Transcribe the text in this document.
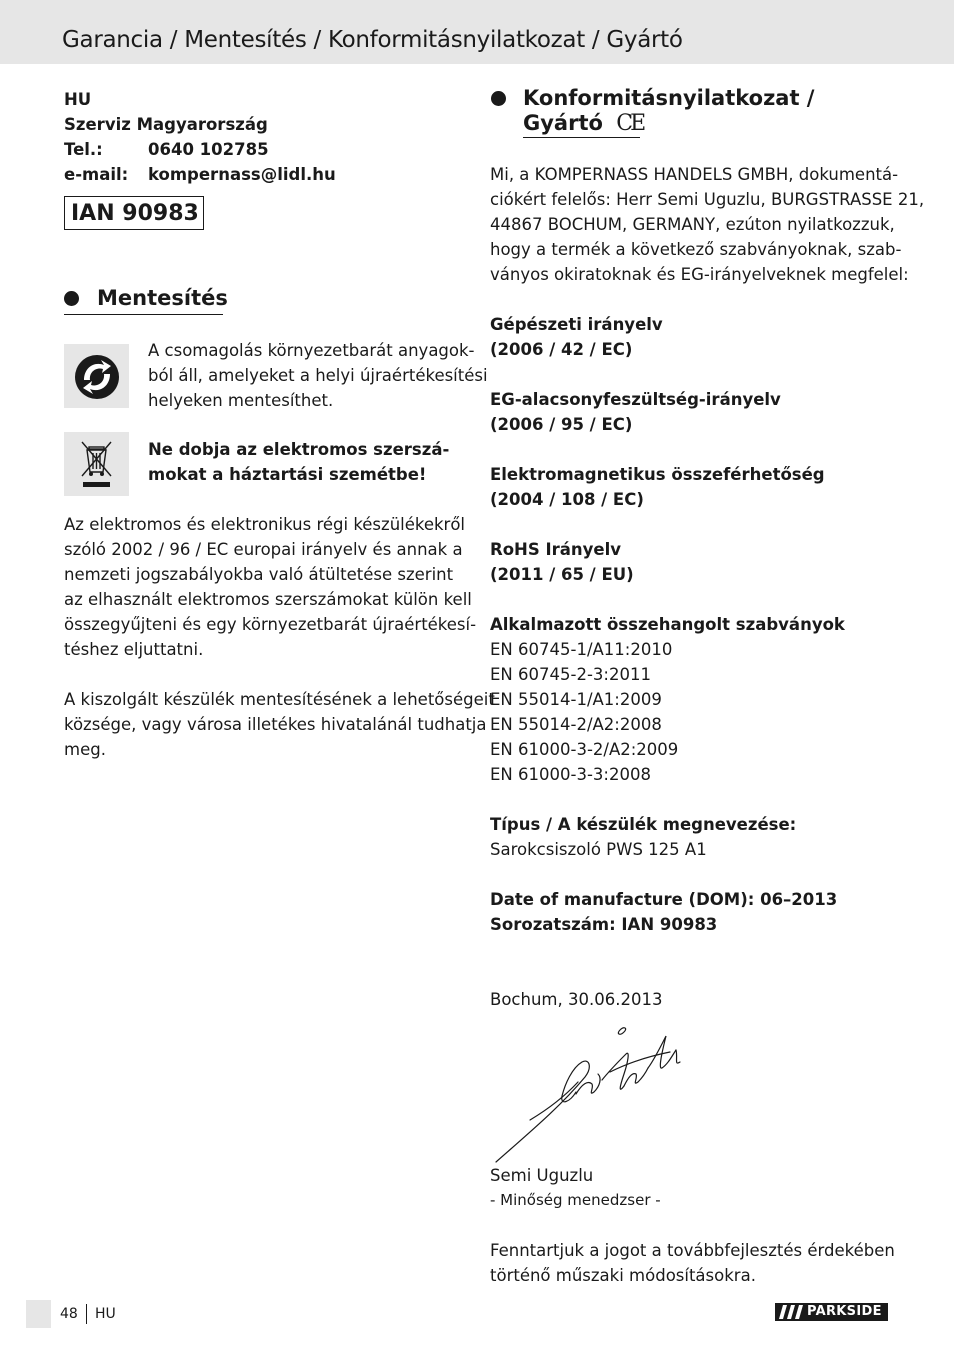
Garancia / Mentesítés / Konformitásnyilatkozat / Gyártó
HU
Szerviz Magyarország
Tel.:	0640 102785
e-mail: kompernass@lidl.hu
IAN 90983
Mentesítés
A csomagolás környezetbarát anyagok-
ból áll, amelyeket a helyi újraértékesítési
helyeken mentesíthet.
Ne dobja az elektromos szerszá-
mokat a háztartási szemétbe!
Az elektromos és elektronikus régi készülékekről
szóló 2002 / 96 / EC europai irányelv és annak a
nemzeti jogszabályokba való átültetése szerint
az elhasznált elektromos szerszámokat külön kell
összegyűjteni és egy környezetbarát újraértékesí-
téshez eljuttatni.
A kiszolgált készülék mentesítésének a lehetőségeit
községe, vagy városa illetékes hivatalánál tudhatja
meg.
Konformitásnyilatkozat /
Gyártó CE
Mi, a KOMPERNASS HANDELS GMBH, dokumentá-
ciókért felelős: Herr Semi Uguzlu, BURGSTRASSE 21,
44867 BOCHUM, GERMANY, ezúton nyilatkozzuk,
hogy a termék a következő szabványoknak, szab-
ványos okiratoknak és EG-irányelveknek megfelel:
Gépészeti irányelv
(2006 / 42 / EC)
EG-alacsonyfeszültség-irányelv
(2006 / 95 / EC)
Elektromagnetikus összeférhetőség
(2004 / 108 / EC)
RoHS Irányelv
(2011 / 65 / EU)
Alkalmazott összehangolt szabványok
EN 60745-1/A11:2010
EN 60745-2-3:2011
EN 55014-1/A1:2009
EN 55014-2/A2:2008
EN 61000-3-2/A2:2009
EN 61000-3-3:2008
Típus / A készülék megnevezése:
Sarokcsiszoló PWS 125 A1
Date of manufacture (DOM): 06–2013
Sorozatszám: IAN 90983
Bochum, 30.06.2013
Semi Uguzlu
- Minőség menedzser -
Fenntartjuk a jogot a továbbfejlesztés érdekében
történő műszaki módosításokra.
48 HU	PARKSIDE
